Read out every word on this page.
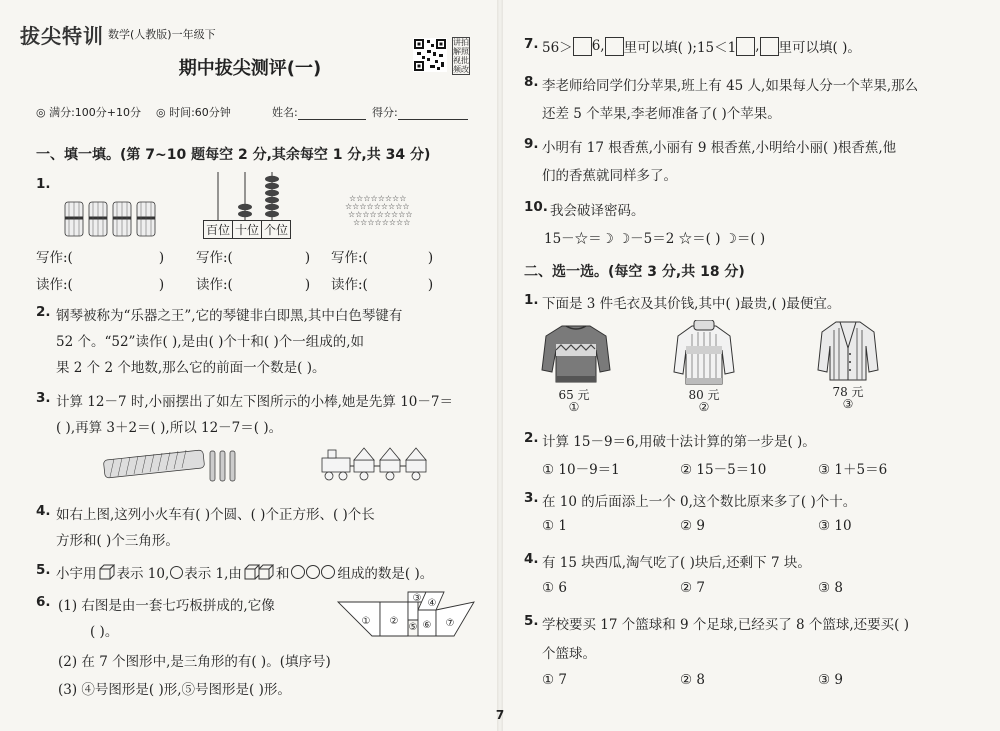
拔尖特训 数学(人教版)一年级下
讲拍解照视批频改
期中拔尖测评(一)
◎ 满分:100分+10分 ◎ 时间:60分钟	姓名:	得分:
一、填一填。(第 7~10 题每空 2 分,其余每空 1 分,共 34 分)
1.
百位 十位 个位
☆☆☆☆☆☆☆☆
☆☆☆☆☆☆☆☆☆
☆☆☆☆☆☆☆☆☆
☆☆☆☆☆☆☆☆
写作:(	) 写作:(	) 写作:(	)
读作:(	) 读作:(	) 读作:(	)
2. 钢琴被称为“乐器之王”,它的琴键非白即黑,其中白色琴键有
52 个。“52”读作( ),是由( )个十和( )个一组成的,如
果 2 个 2 个地数,那么它的前面一个数是( )。
3. 计算 12－7 时,小丽摆出了如左下图所示的小棒,她是先算 10－7＝
( ),再算 3＋2＝( ),所以 12－7＝( )。
4. 如右上图,这列小火车有( )个圆、( )个正方形、( )个长
方形和( )个三角形。
5. 小宇用 表示 10, 表示 1,由	和	组成的数是( )。
6. (1) 右图是由一套七巧板拼成的,它像
( )。
(2) 在 7 个图形中,是三角形的有( )。(填序号)
(3) ④号图形是( )形,⑤号图形是( )形。
① ②
③ ④
⑤ ⑥ ⑦
7
7. 56＞ 6, 里可以填( );15＜1 , 里可以填( )。
8. 李老师给同学们分苹果,班上有 45 人,如果每人分一个苹果,那么
还差 5 个苹果,李老师准备了( )个苹果。
9. 小明有 17 根香蕉,小丽有 9 根香蕉,小明给小丽( )根香蕉,他
们的香蕉就同样多了。
10. 我会破译密码。
15－☆＝☽ ☽－5＝2 ☆＝( ) ☽＝( )
二、选一选。(每空 3 分,共 18 分)
1. 下面是 3 件毛衣及其价钱,其中( )最贵,( )最便宜。
65 元
①
80 元
②
78 元
③
2. 计算 15－9＝6,用破十法计算的第一步是( )。
① 10－9＝1	② 15－5＝10	③ 1＋5＝6
3. 在 10 的后面添上一个 0,这个数比原来多了( )个十。
① 1	② 9	③ 10
4. 有 15 块西瓜,淘气吃了( )块后,还剩下 7 块。
① 6	② 7	③ 8
5. 学校要买 17 个篮球和 9 个足球,已经买了 8 个篮球,还要买( )
个篮球。
① 7	② 8	③ 9
